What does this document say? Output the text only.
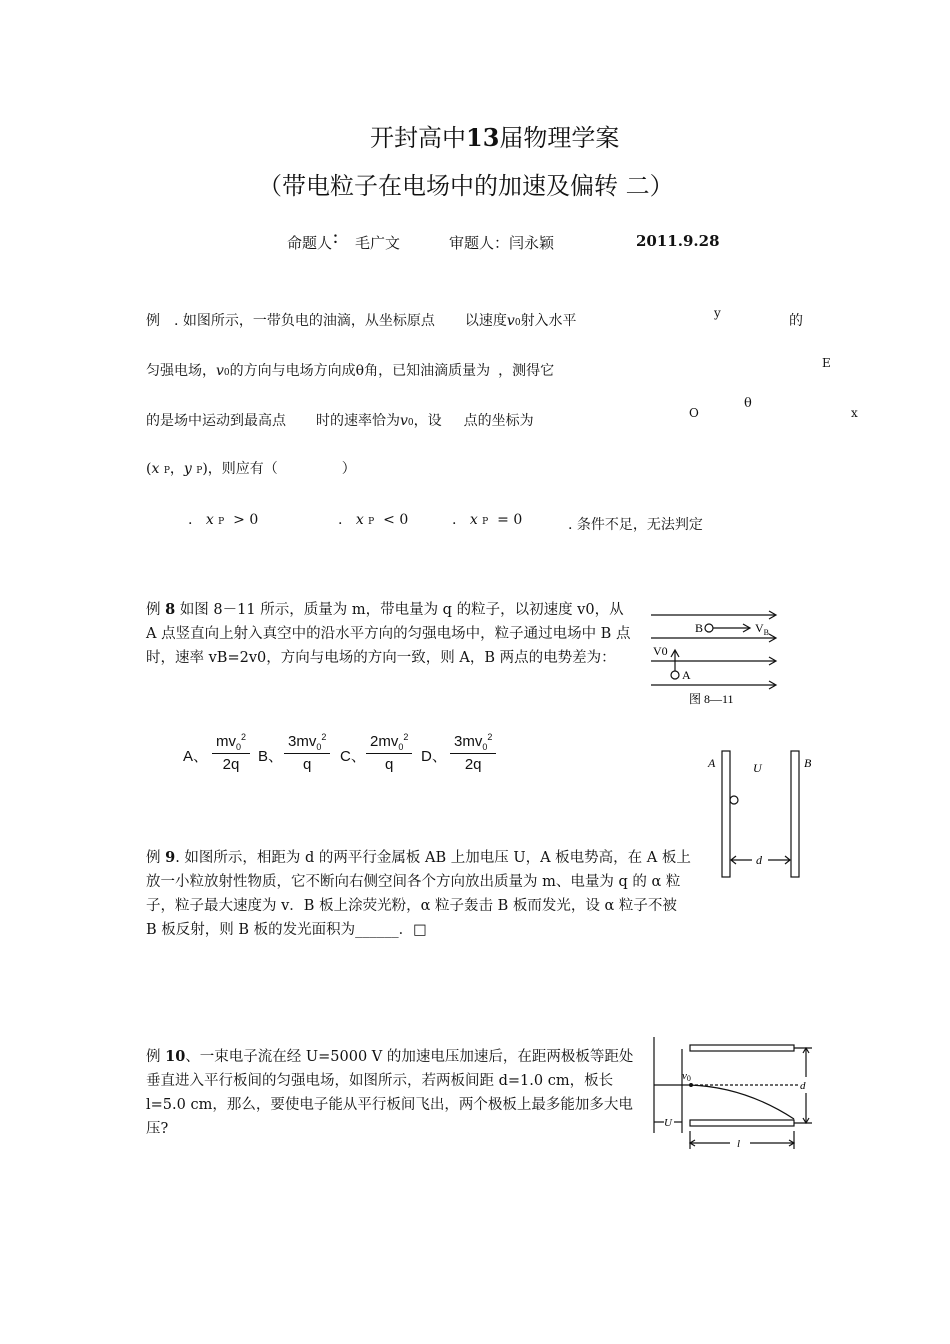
开封高中13届物理学案
（带电粒子在电场中的加速及偏转 二）
命题人： 毛广文	审题人：闫永颖	2011.9.28
例 . 如图所示，一带负电的油滴，从坐标原点 以速度v0射入水平	的
匀强电场，v0的方向与电场方向成θ角，已知油滴质量为 ，测得它
的是场中运动到最高点 时的速率恰为v0，设 点的坐标为
(x P，y P)，则应有（	）
. x P > 0	. x P < 0	. x P = 0	. 条件不足，无法判定
y
E
O
θ
x
例 8 如图 8－11 所示，质量为 m，带电量为 q 的粒子，以初速度 v0，从 A 点竖直向上射入真空中的沿水平方向的匀强电场中，粒子通过电场中 B 点时，速率 vB=2v0，方向与电场的方向一致，则 A，B 两点的电势差为：
B	$V_B$
V0
A
图 8—11
A、 $\frac{mv_0^2}{2q}$ B、 $\frac{3mv_0^2}{q}$ C、 $\frac{2mv_0^2}{q}$ D、 $\frac{3mv_0^2}{2q}$	A	U	B
d
例 9. 如图所示，相距为 d 的两平行金属板 AB 上加电压 U，A 板电势高，在 A 板上放一小粒放射性物质，它不断向右侧空间各个方向放出质量为 m、电量为 q 的 α 粒子，粒子最大速度为 v．B 板上涂荧光粉，α 粒子轰击 B 板而发光，设 α 粒子不被 B 板反射，则 B 板的发光面积为______．□
例 10、一束电子流在经 U=5000 V 的加速电压加速后，在距两极板等距处垂直进入平行板间的匀强电场，如图所示，若两板间距 d=1.0 cm，板长 l=5.0 cm，那么，要使电子能从平行板间飞出，两个极板上最多能加多大电压?
v0
d
U
l
